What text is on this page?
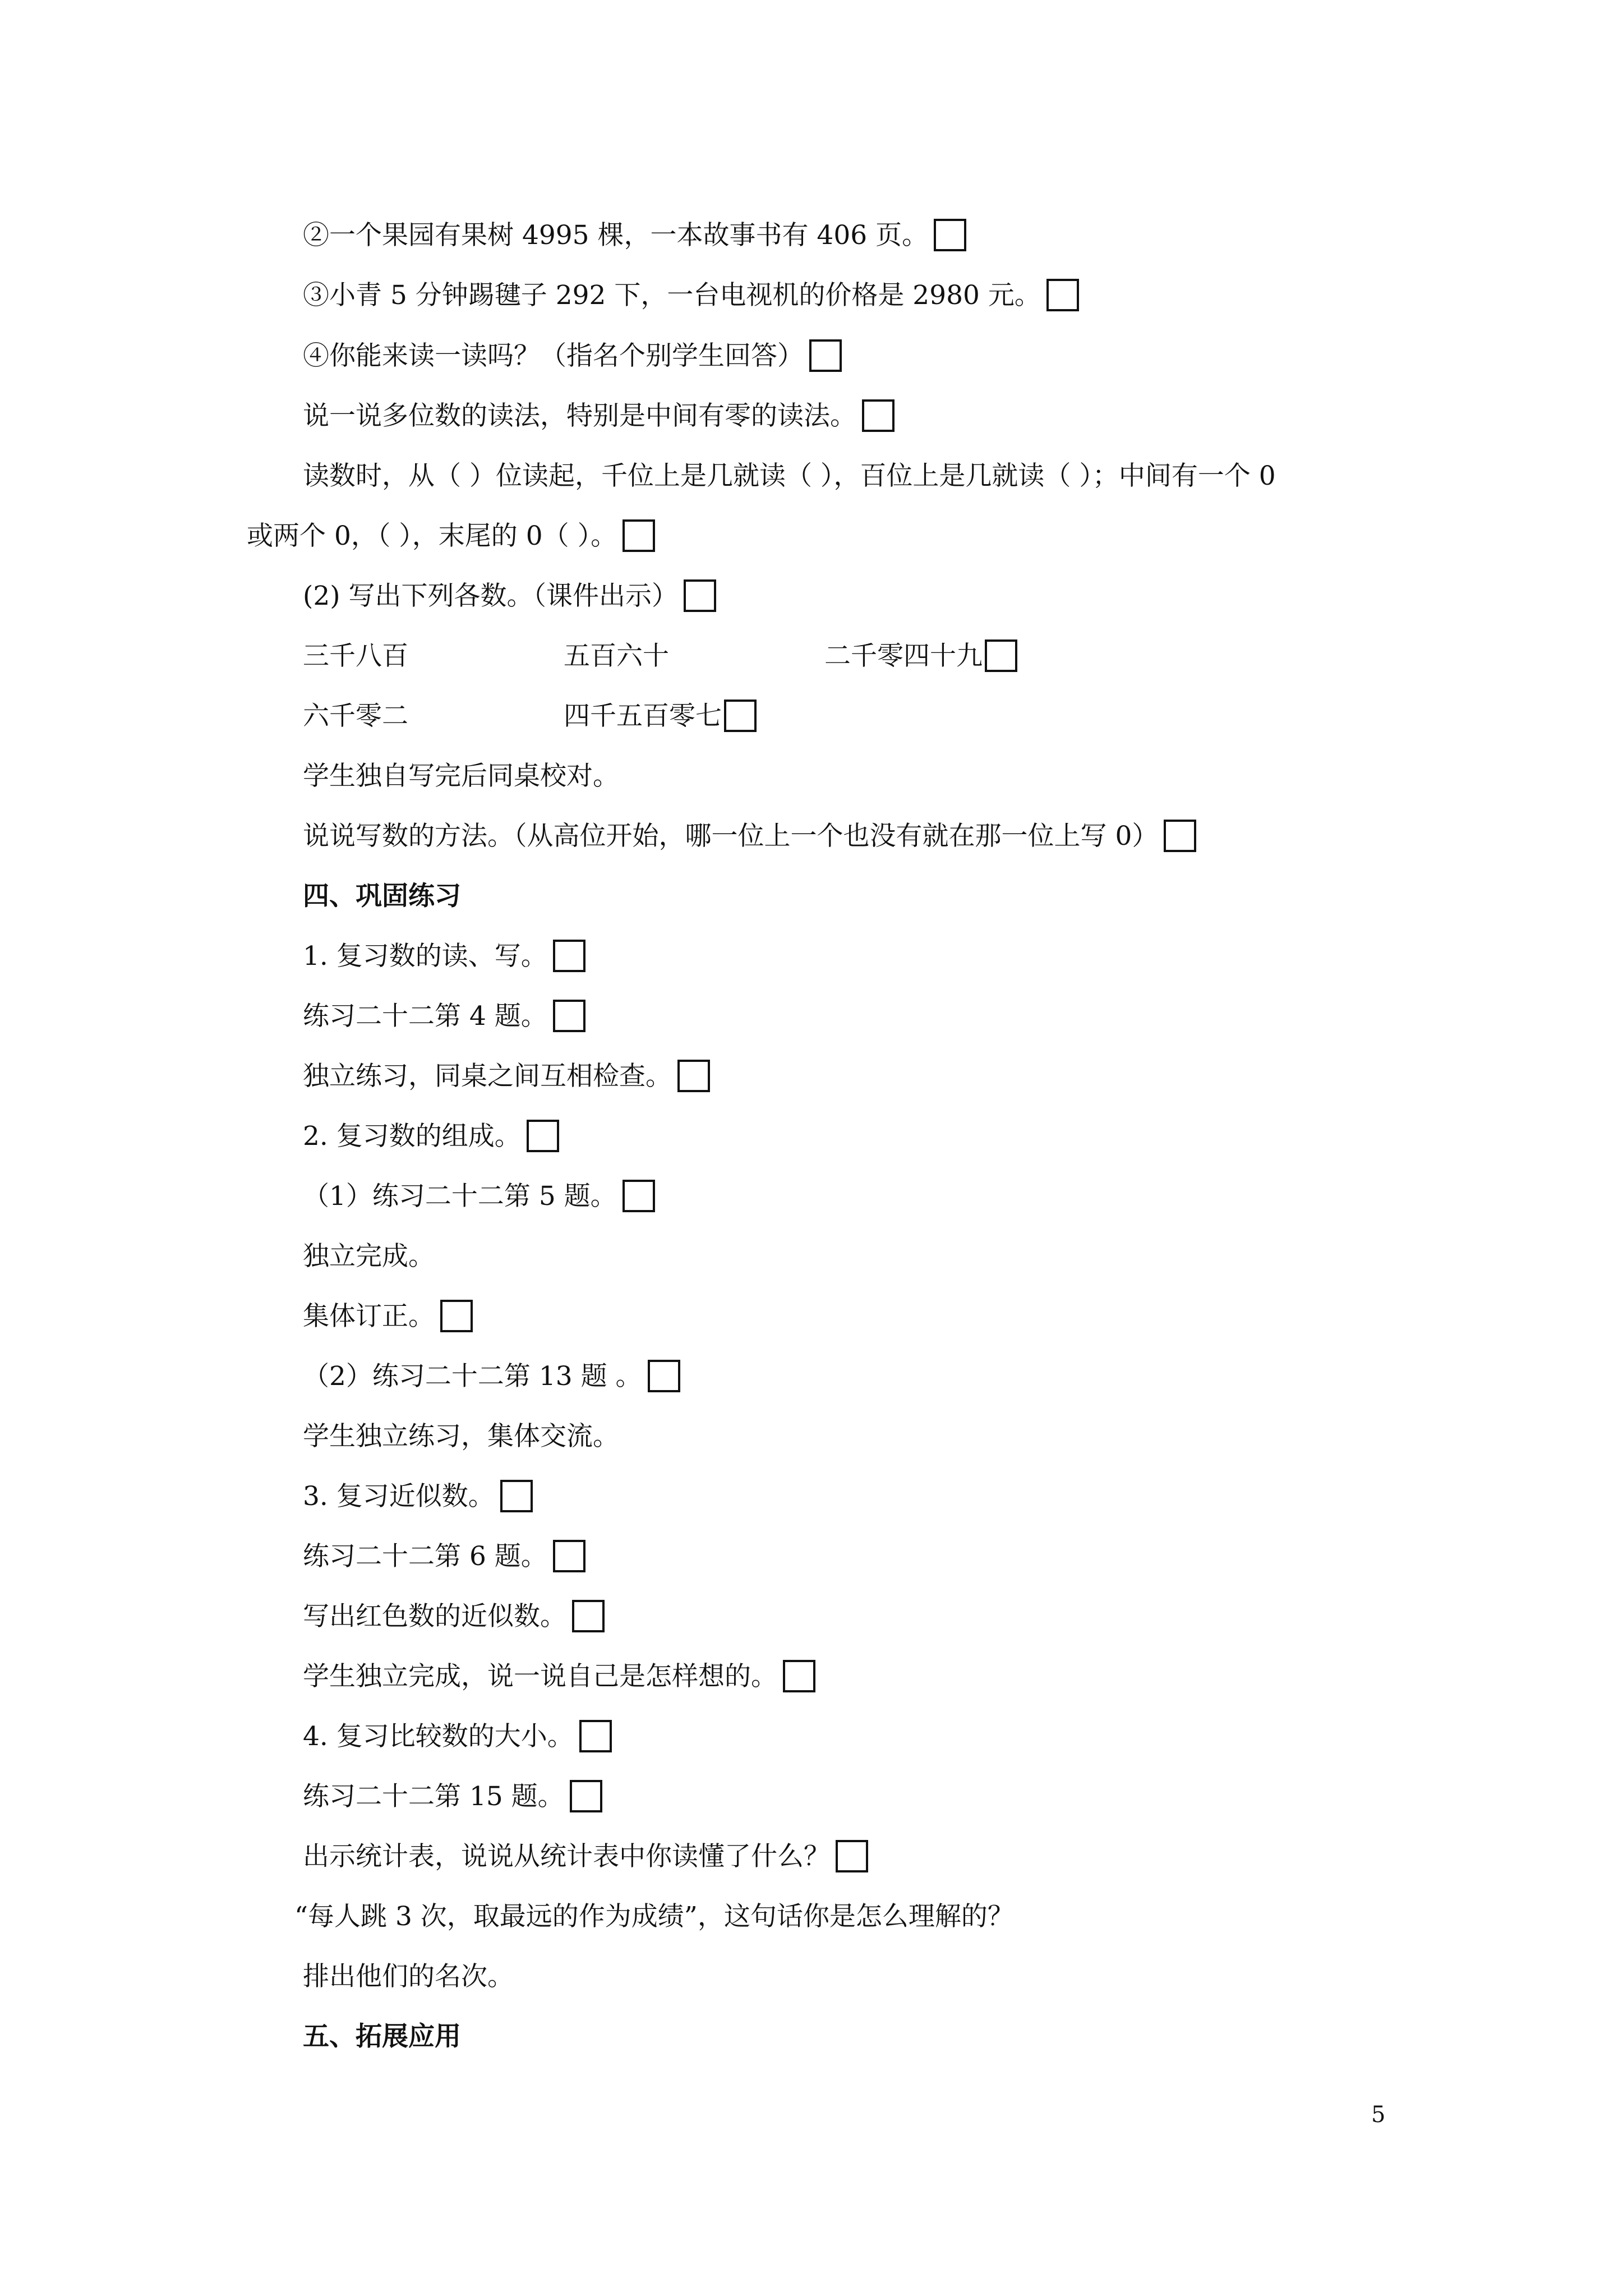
②一个果园有果树 4995 棵，一本故事书有 406 页。
③小青 5 分钟踢毽子 292 下，一台电视机的价格是 2980 元。
④你能来读一读吗？（指名个别学生回答）
说一说多位数的读法，特别是中间有零的读法。
读数时，从（ ）位读起，千位上是几就读（ ），百位上是几就读（ ）；中间有一个 0
或两个 0，（ ），末尾的 0（ ）。
(2) 写出下列各数。（课件出示）
三千八百	五百六十	二千零四十九
六千零二	四千五百零七
学生独自写完后同桌校对。
说说写数的方法。（从高位开始，哪一位上一个也没有就在那一位上写 0）
四、巩固练习
1. 复习数的读、写。
练习二十二第 4 题。
独立练习，同桌之间互相检查。
2. 复习数的组成。
（1）练习二十二第 5 题。
独立完成。
集体订正。
（2）练习二十二第 13 题 。
学生独立练习，集体交流。
3. 复习近似数。
练习二十二第 6 题。
写出红色数的近似数。
学生独立完成，说一说自己是怎样想的。
4. 复习比较数的大小。
练习二十二第 15 题。
出示统计表，说说从统计表中你读懂了什么？
“每人跳 3 次，取最远的作为成绩”，这句话你是怎么理解的？
排出他们的名次。
五、拓展应用
5
